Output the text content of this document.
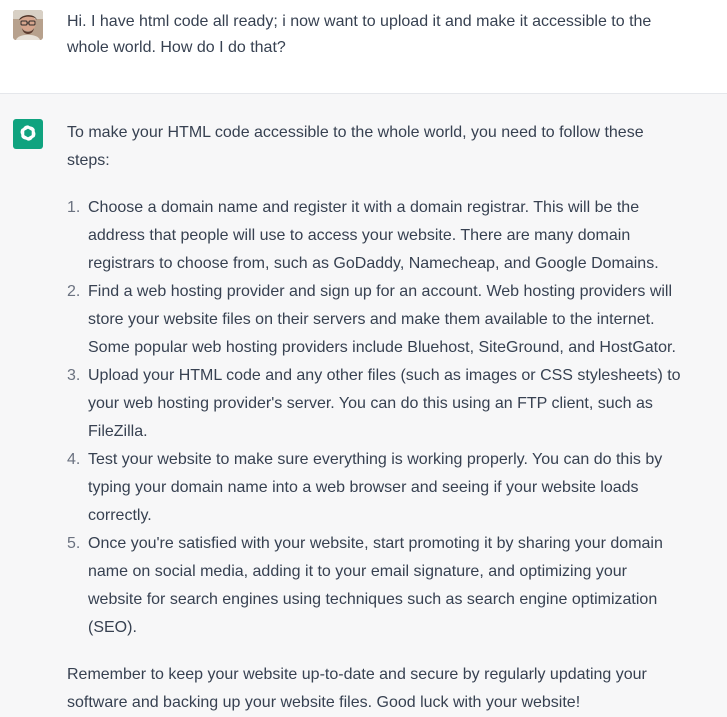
Hi. I have html code all ready; i now want to upload it and make it accessible to the
whole world. How do I do that?

To make your HTML code accessible to the whole world, you need to follow these
steps:

1. Choose a domain name and register it with a domain registrar. This will be the
address that people will use to access your website. There are many domain
registrars to choose from, such as GoDaddy, Namecheap, and Google Domains.
2. Find a web hosting provider and sign up for an account. Web hosting providers will
store your website files on their servers and make them available to the internet.
Some popular web hosting providers include Bluehost, SiteGround, and HostGator.
3. Upload your HTML code and any other files (such as images or CSS stylesheets) to
your web hosting provider's server. You can do this using an FTP client, such as
FileZilla.
4. Test your website to make sure everything is working properly. You can do this by
typing your domain name into a web browser and seeing if your website loads
correctly.
5. Once you're satisfied with your website, start promoting it by sharing your domain
name on social media, adding it to your email signature, and optimizing your
website for search engines using techniques such as search engine optimization
(SEO).

Remember to keep your website up-to-date and secure by regularly updating your
software and backing up your website files. Good luck with your website!
